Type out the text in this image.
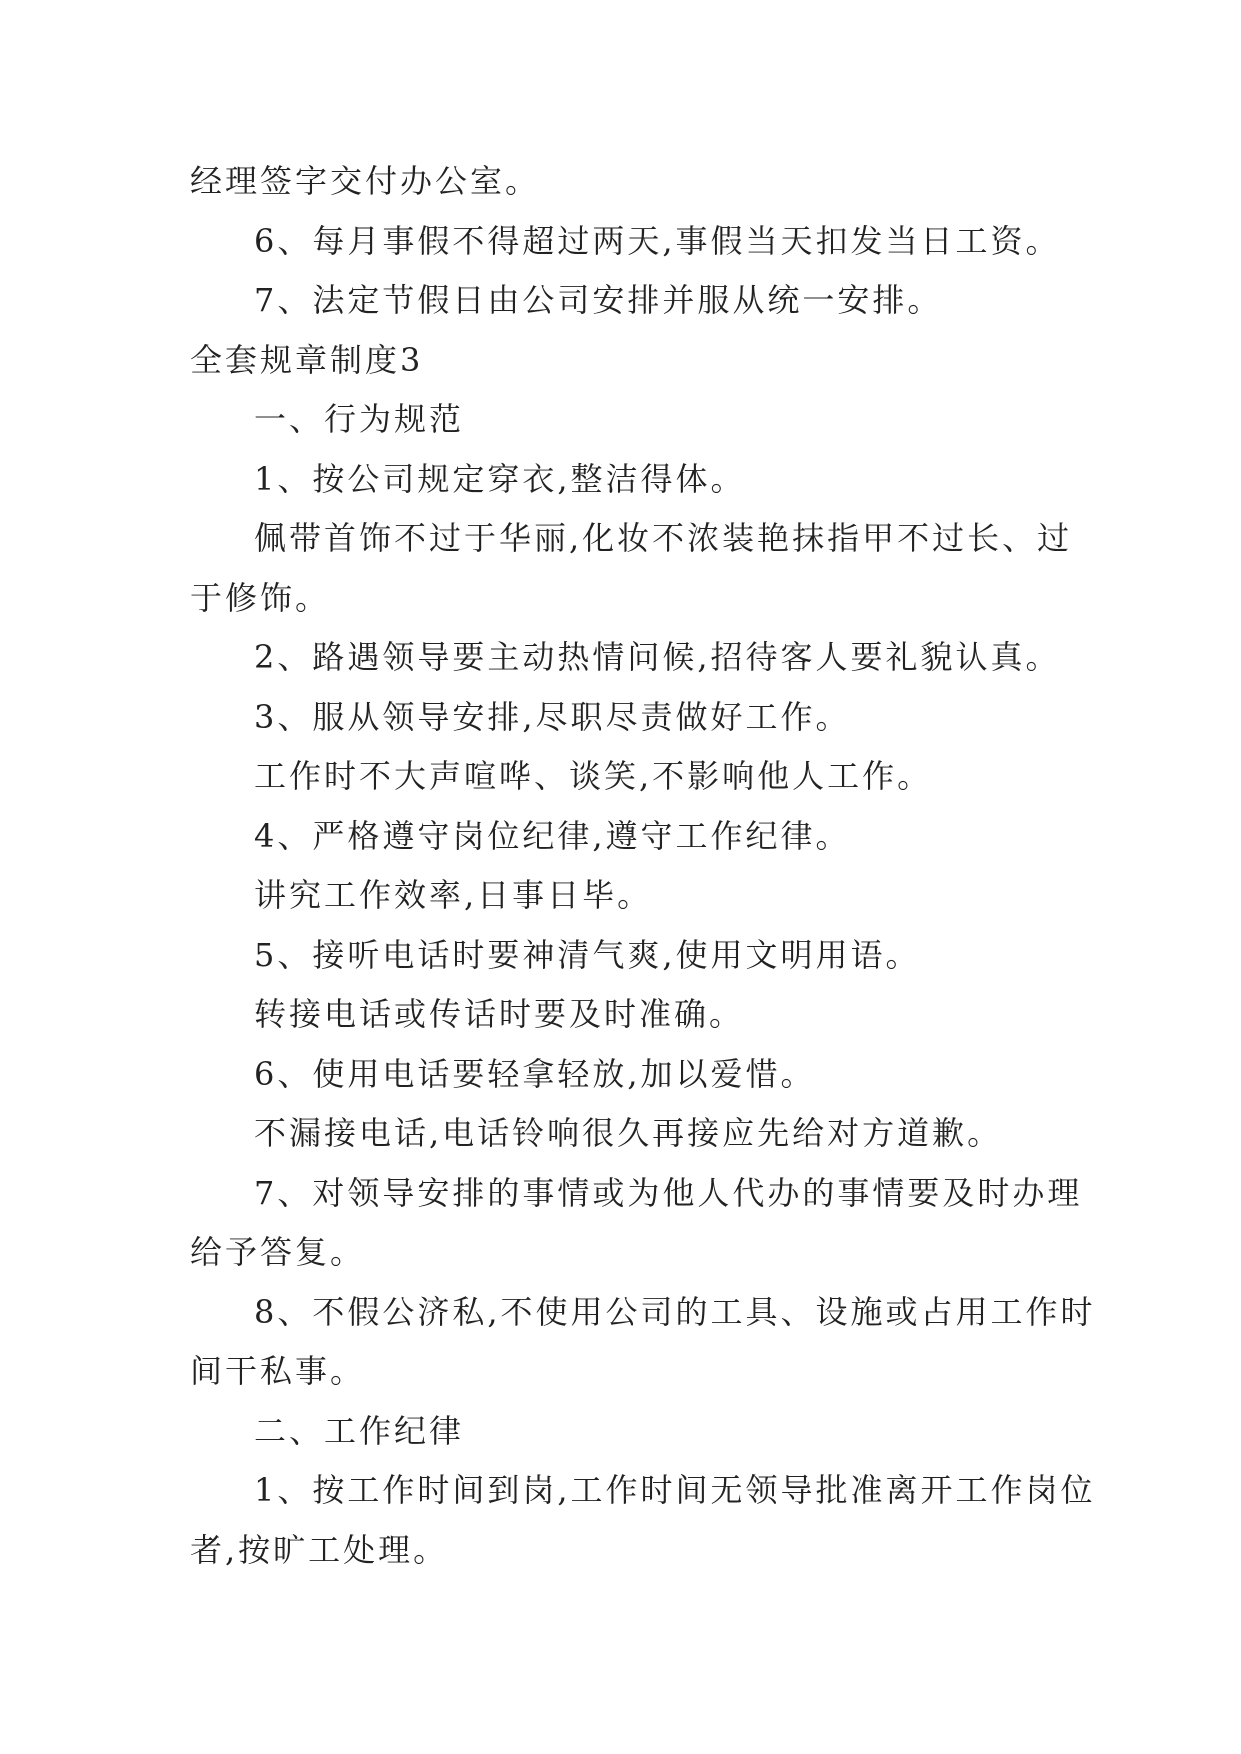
经理签字交付办公室。
6、每月事假不得超过两天,事假当天扣发当日工资。
7、法定节假日由公司安排并服从统一安排。
全套规章制度3
一、行为规范
1、按公司规定穿衣,整洁得体。
佩带首饰不过于华丽,化妆不浓装艳抹指甲不过长、过
于修饰。
2、路遇领导要主动热情问候,招待客人要礼貌认真。
3、服从领导安排,尽职尽责做好工作。
工作时不大声喧哗、谈笑,不影响他人工作。
4、严格遵守岗位纪律,遵守工作纪律。
讲究工作效率,日事日毕。
5、接听电话时要神清气爽,使用文明用语。
转接电话或传话时要及时准确。
6、使用电话要轻拿轻放,加以爱惜。
不漏接电话,电话铃响很久再接应先给对方道歉。
7、对领导安排的事情或为他人代办的事情要及时办理
给予答复。
8、不假公济私,不使用公司的工具、设施或占用工作时
间干私事。
二、工作纪律
1、按工作时间到岗,工作时间无领导批准离开工作岗位
者,按旷工处理。
